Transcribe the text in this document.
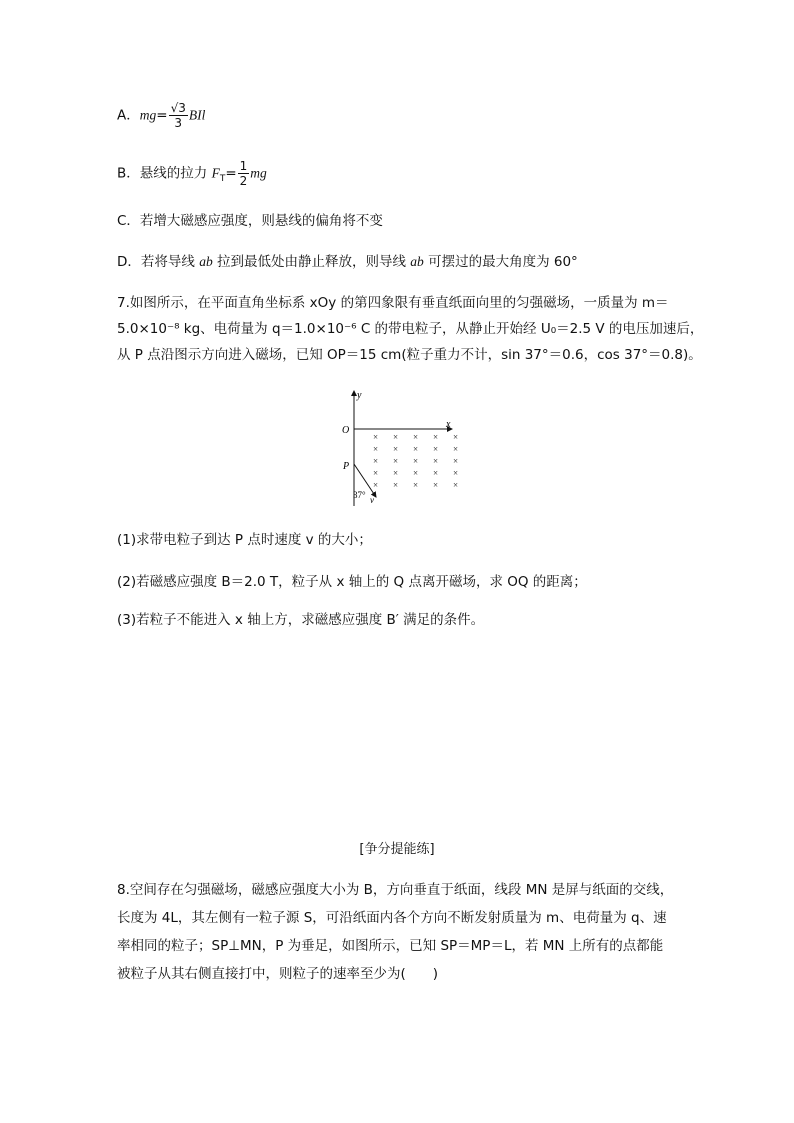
A．$mg= \frac{√3}{3}$ BIl
B．悬线的拉力 $F_T= \frac{1}{2}$ mg
C．若增大磁感应强度，则悬线的偏角将不变
D．若将导线 ab 拉到最低处由静止释放，则导线 ab 可摆过的最大角度为 60°
7.如图所示，在平面直角坐标系 xOy 的第四象限有垂直纸面向里的匀强磁场，一质量为 m＝
5.0×10⁻⁸ kg、电荷量为 q＝1.0×10⁻⁶ C 的带电粒子，从静止开始经 U₀＝2.5 V 的电压加速后，
从 P 点沿图示方向进入磁场，已知 OP＝15 cm(粒子重力不计，sin 37°＝0.6，cos 37°＝0.8)。
y
x
O
P
× × × × ×
× × × × ×
× × × × ×
× × × × ×
× × × × ×
37° v
(1)求带电粒子到达 P 点时速度 v 的大小；
(2)若磁感应强度 B＝2.0 T，粒子从 x 轴上的 Q 点离开磁场，求 OQ 的距离；
(3)若粒子不能进入 x 轴上方，求磁感应强度 B′ 满足的条件。
[争分提能练]
8.空间存在匀强磁场，磁感应强度大小为 B，方向垂直于纸面，线段 MN 是屏与纸面的交线，
长度为 4L，其左侧有一粒子源 S，可沿纸面内各个方向不断发射质量为 m、电荷量为 q、速
率相同的粒子；SP⊥MN，P 为垂足，如图所示，已知 SP＝MP＝L，若 MN 上所有的点都能
被粒子从其右侧直接打中，则粒子的速率至少为(　　)
